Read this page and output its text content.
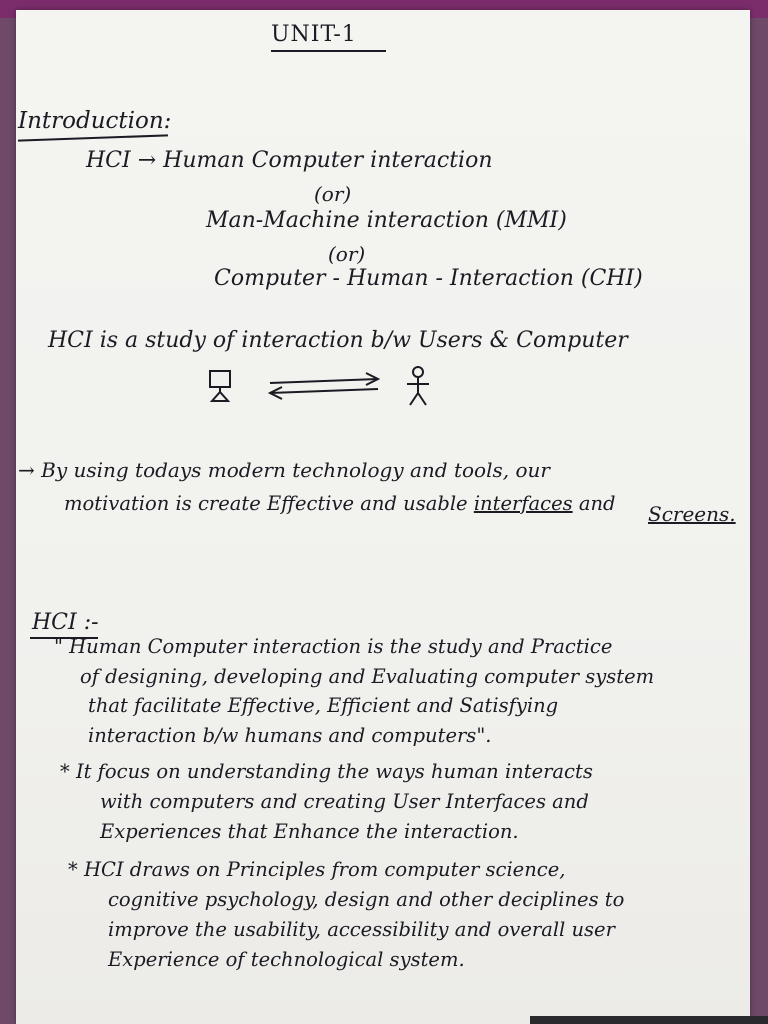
UNIT-1

Introduction:

HCI → Human Computer interaction

(or)

Man-Machine interaction (MMI)

(or)

Computer - Human - Interaction (CHI)

HCI is a study of interaction b/w Users & Computer

→ By using todays modern technology and tools, our

motivation is create Effective and usable interfaces and Screens.

HCI :-

" Human Computer interaction is the study and Practice

of designing, developing and Evaluating computer system

that facilitate Effective, Efficient and Satisfying

interaction b/w humans and computers".

* It focus on understanding the ways human interacts

with computers and creating User Interfaces and

Experiences that Enhance the interaction.

* HCI draws on Principles from computer science,

cognitive psychology, design and other deciplines to

improve the usability, accessibility and overall user

Experience of technological system.
